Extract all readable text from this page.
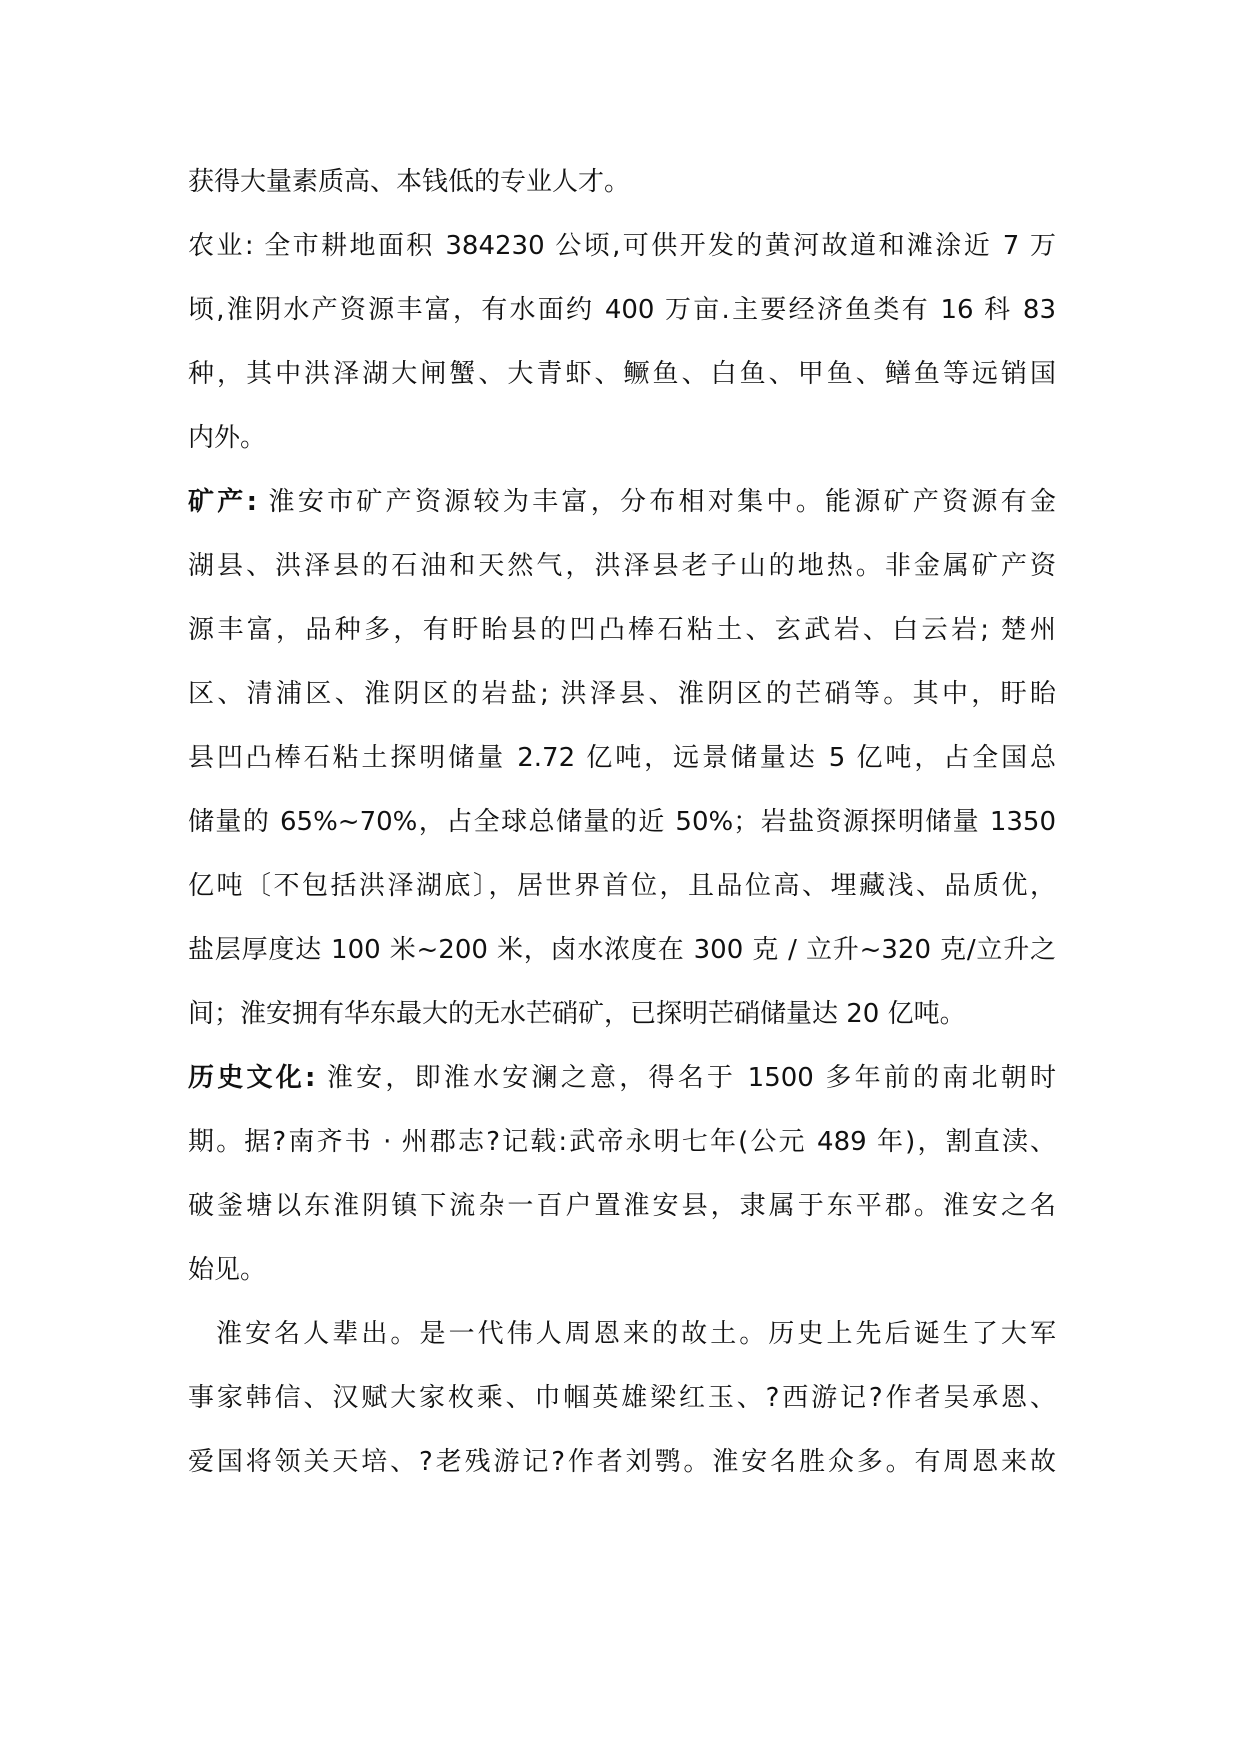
获得大量素质高、本钱低的专业人才。
农业: 全市耕地面积 384230 公顷,可供开发的黄河故道和滩涂近 7 万
顷,淮阴水产资源丰富，有水面约 400 万亩.主要经济鱼类有 16 科 83
种，其中洪泽湖大闸蟹、大青虾、鳜鱼、白鱼、甲鱼、鳝鱼等远销国
内外。
矿产: 淮安市矿产资源较为丰富，分布相对集中。能源矿产资源有金
湖县、洪泽县的石油和天然气，洪泽县老子山的地热。非金属矿产资
源丰富，品种多，有盱眙县的凹凸棒石粘土、玄武岩、白云岩; 楚州
区、清浦区、淮阴区的岩盐; 洪泽县、淮阴区的芒硝等。其中，盱眙
县凹凸棒石粘土探明储量 2.72 亿吨，远景储量达 5 亿吨，占全国总
储量的 65%~70%，占全球总储量的近 50%；岩盐资源探明储量 1350
亿吨〔不包括洪泽湖底〕，居世界首位，且品位高、埋藏浅、品质优，
盐层厚度达 100 米~200 米，卤水浓度在 300 克 / 立升~320 克/立升之
间；淮安拥有华东最大的无水芒硝矿，已探明芒硝储量达 20 亿吨。
历史文化: 淮安，即淮水安澜之意，得名于 1500 多年前的南北朝时
期。据?南齐书 · 州郡志?记载:武帝永明七年(公元 489 年)，割直渎、
破釜塘以东淮阴镇下流杂一百户置淮安县，隶属于东平郡。淮安之名
始见。
淮安名人辈出。是一代伟人周恩来的故土。历史上先后诞生了大军
事家韩信、汉赋大家枚乘、巾帼英雄梁红玉、?西游记?作者吴承恩、
爱国将领关天培、?老残游记?作者刘鹗。淮安名胜众多。有周恩来故
